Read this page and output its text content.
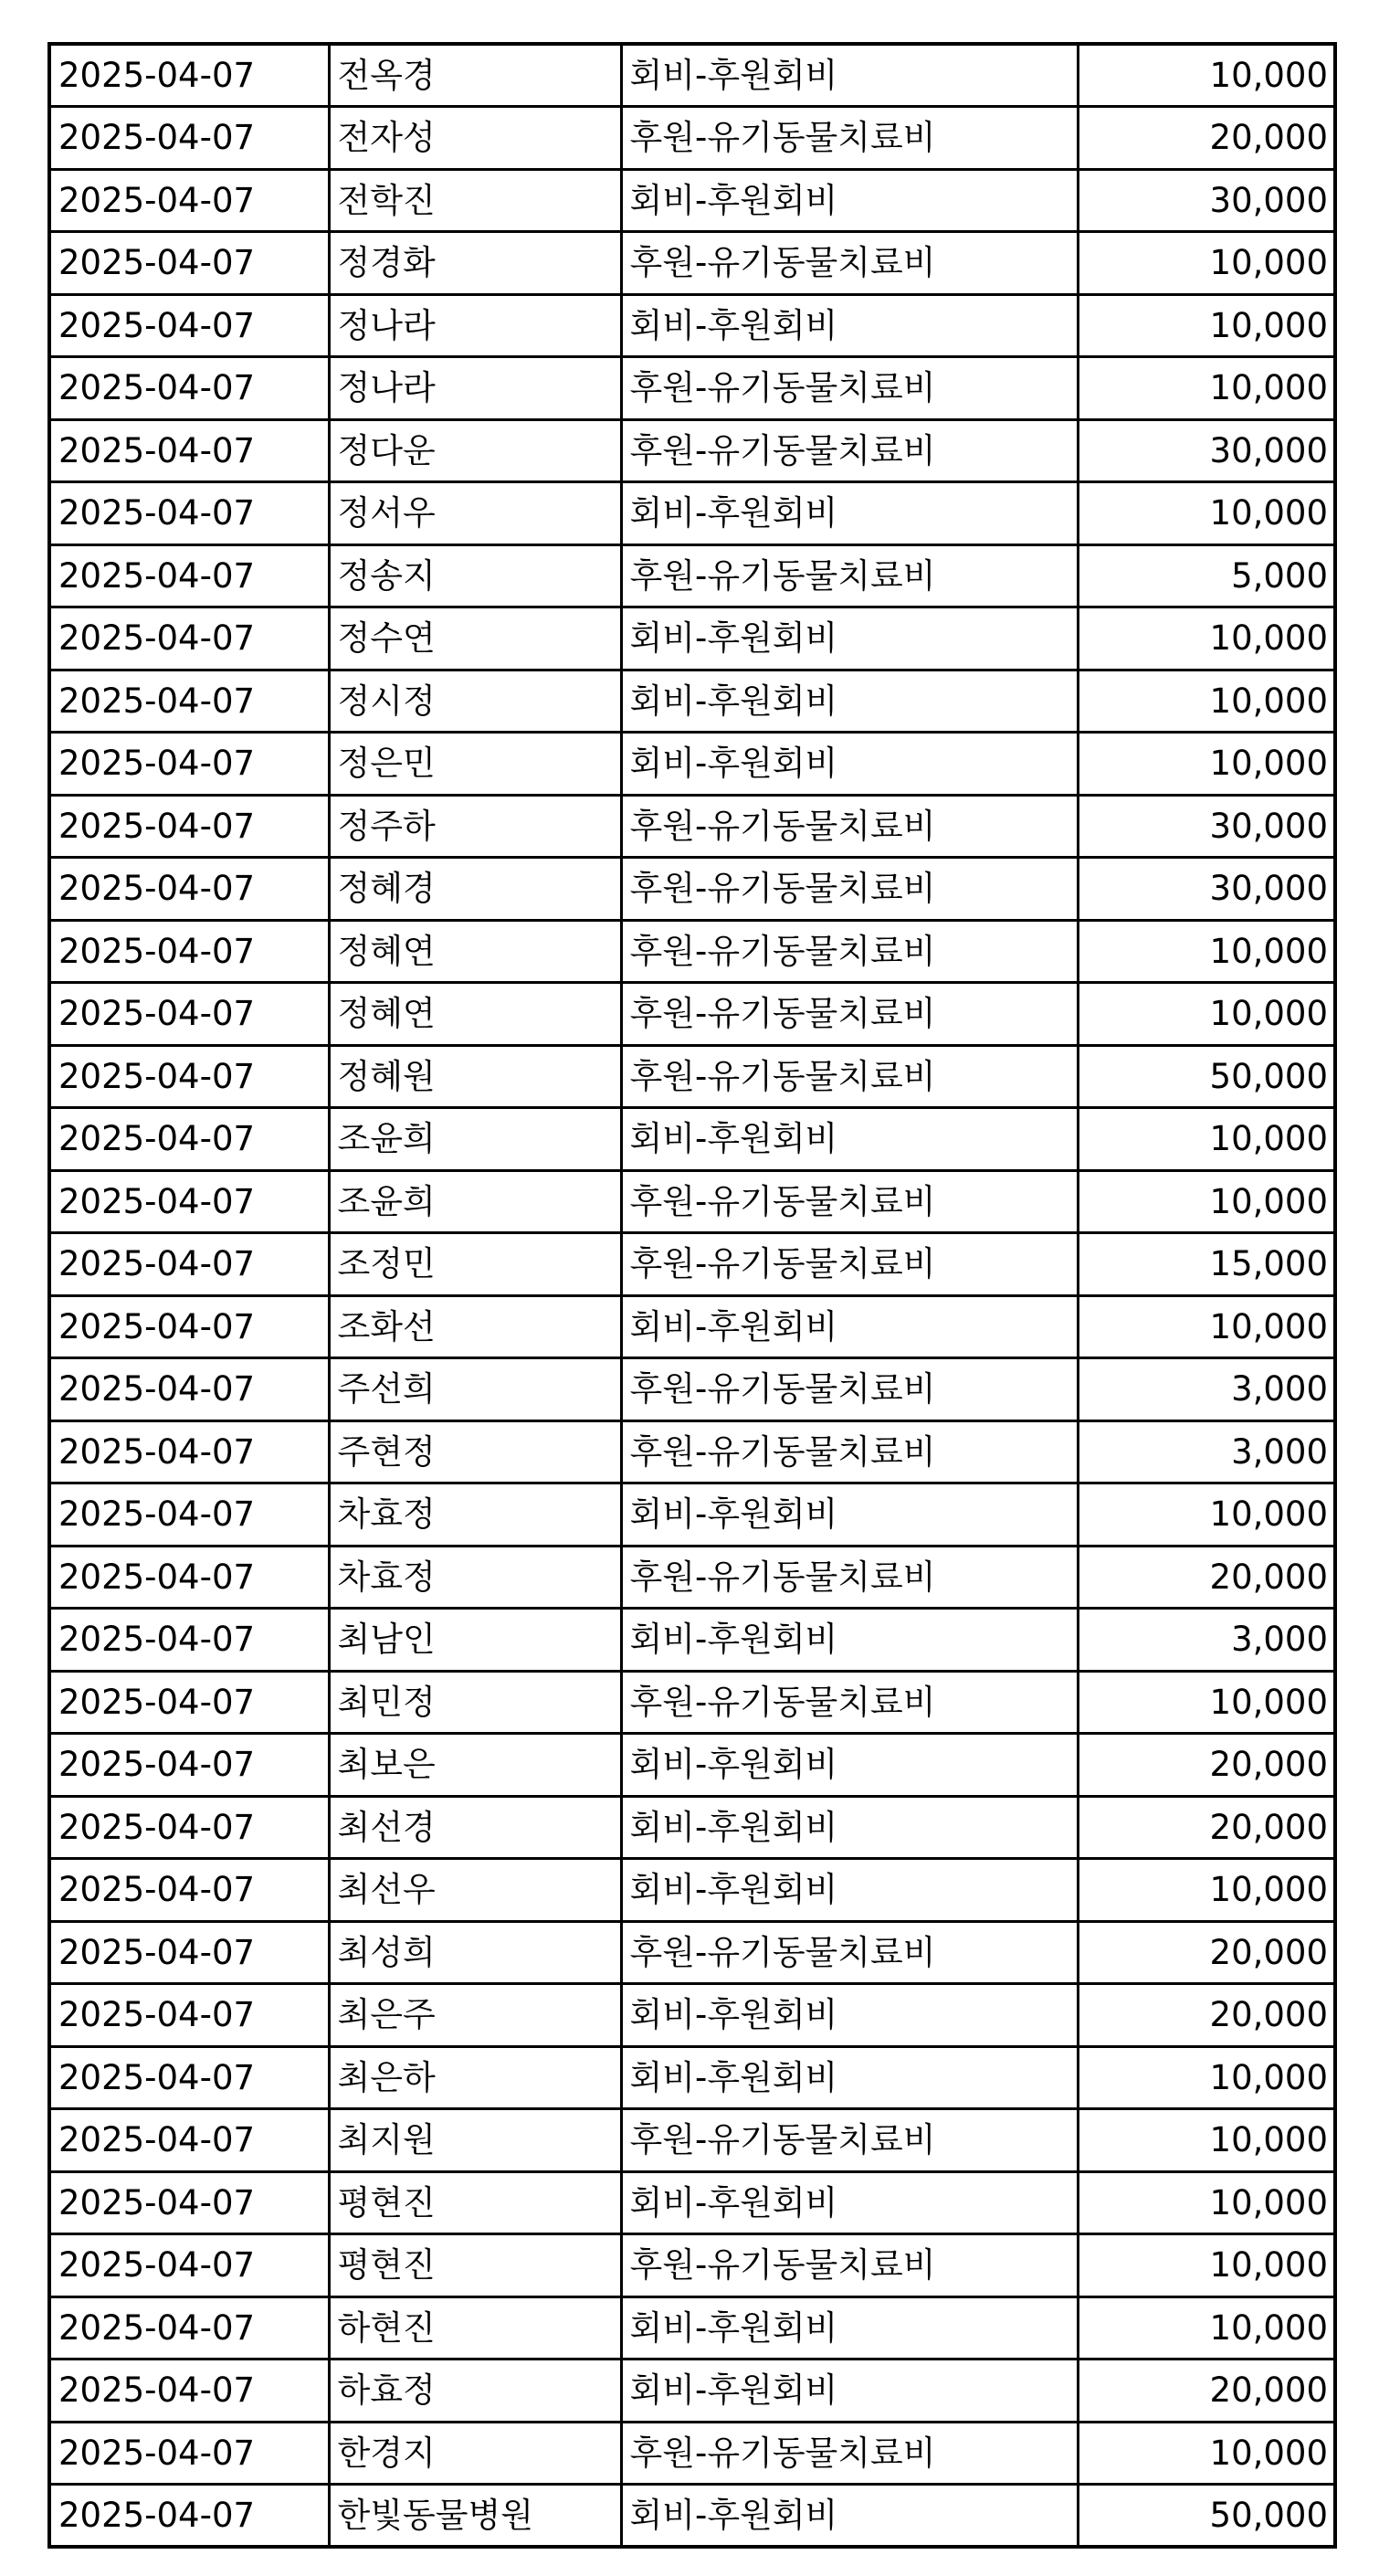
2025-04-07	전옥경	회비-후원회비	10,000
2025-04-07	전자성	후원-유기동물치료비	20,000
2025-04-07	전학진	회비-후원회비	30,000
2025-04-07	정경화	후원-유기동물치료비	10,000
2025-04-07	정나라	회비-후원회비	10,000
2025-04-07	정나라	후원-유기동물치료비	10,000
2025-04-07	정다운	후원-유기동물치료비	30,000
2025-04-07	정서우	회비-후원회비	10,000
2025-04-07	정송지	후원-유기동물치료비	5,000
2025-04-07	정수연	회비-후원회비	10,000
2025-04-07	정시정	회비-후원회비	10,000
2025-04-07	정은민	회비-후원회비	10,000
2025-04-07	정주하	후원-유기동물치료비	30,000
2025-04-07	정혜경	후원-유기동물치료비	30,000
2025-04-07	정혜연	후원-유기동물치료비	10,000
2025-04-07	정혜연	후원-유기동물치료비	10,000
2025-04-07	정혜원	후원-유기동물치료비	50,000
2025-04-07	조윤희	회비-후원회비	10,000
2025-04-07	조윤희	후원-유기동물치료비	10,000
2025-04-07	조정민	후원-유기동물치료비	15,000
2025-04-07	조화선	회비-후원회비	10,000
2025-04-07	주선희	후원-유기동물치료비	3,000
2025-04-07	주현정	후원-유기동물치료비	3,000
2025-04-07	차효정	회비-후원회비	10,000
2025-04-07	차효정	후원-유기동물치료비	20,000
2025-04-07	최남인	회비-후원회비	3,000
2025-04-07	최민정	후원-유기동물치료비	10,000
2025-04-07	최보은	회비-후원회비	20,000
2025-04-07	최선경	회비-후원회비	20,000
2025-04-07	최선우	회비-후원회비	10,000
2025-04-07	최성희	후원-유기동물치료비	20,000
2025-04-07	최은주	회비-후원회비	20,000
2025-04-07	최은하	회비-후원회비	10,000
2025-04-07	최지원	후원-유기동물치료비	10,000
2025-04-07	평현진	회비-후원회비	10,000
2025-04-07	평현진	후원-유기동물치료비	10,000
2025-04-07	하현진	회비-후원회비	10,000
2025-04-07	하효정	회비-후원회비	20,000
2025-04-07	한경지	후원-유기동물치료비	10,000
2025-04-07	한빛동물병원	회비-후원회비	50,000
